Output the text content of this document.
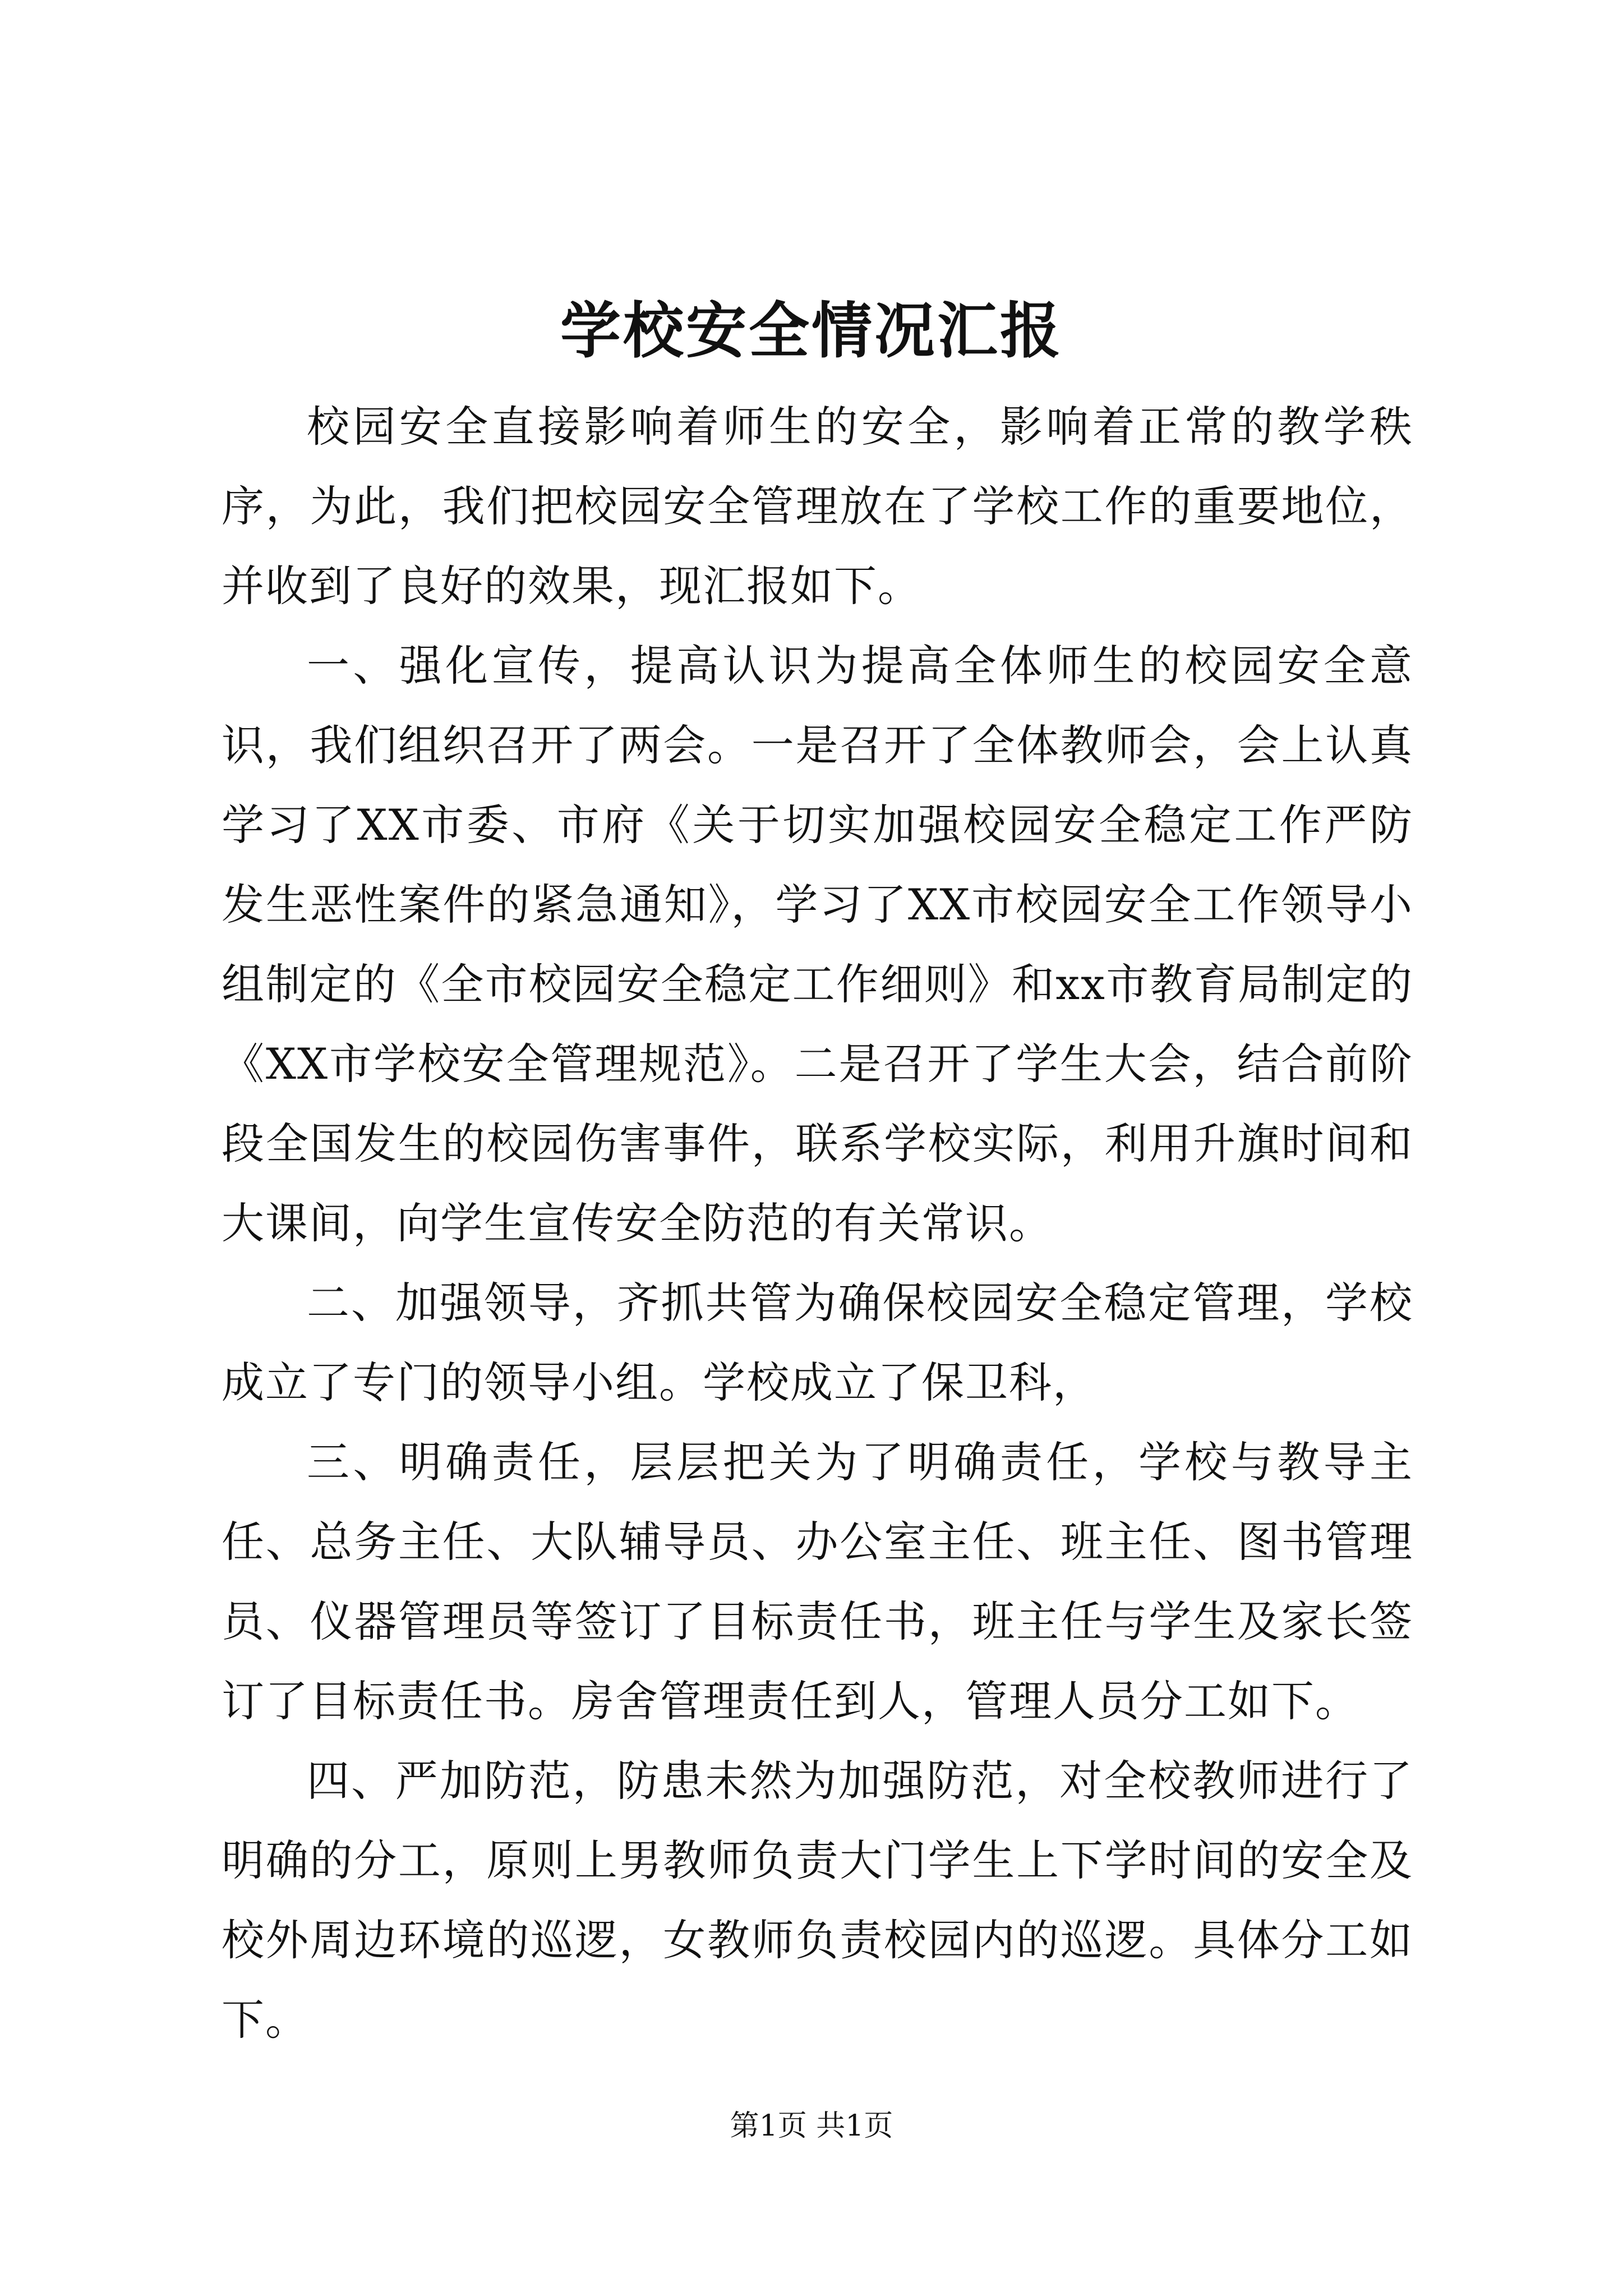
学校安全情况汇报

校园安全直接影响着师生的安全，影响着正常的教学秩序，为此，我们把校园安全管理放在了学校工作的重要地位，并收到了良好的效果，现汇报如下。

一、强化宣传，提高认识为提高全体师生的校园安全意识，我们组织召开了两会。一是召开了全体教师会，会上认真学习了XX市委、市府《关于切实加强校园安全稳定工作严防发生恶性案件的紧急通知》，学习了XX市校园安全工作领导小组制定的《全市校园安全稳定工作细则》和xx市教育局制定的《XX市学校安全管理规范》。二是召开了学生大会，结合前阶段全国发生的校园伤害事件，联系学校实际，利用升旗时间和大课间，向学生宣传安全防范的有关常识。

二、加强领导，齐抓共管为确保校园安全稳定管理，学校成立了专门的领导小组。学校成立了保卫科，

三、明确责任，层层把关为了明确责任，学校与教导主任、总务主任、大队辅导员、办公室主任、班主任、图书管理员、仪器管理员等签订了目标责任书，班主任与学生及家长签订了目标责任书。房舍管理责任到人，管理人员分工如下。

四、严加防范，防患未然为加强防范，对全校教师进行了明确的分工，原则上男教师负责大门学生上下学时间的安全及校外周边环境的巡逻，女教师负责校园内的巡逻。具体分工如下。

第1页 共1页
